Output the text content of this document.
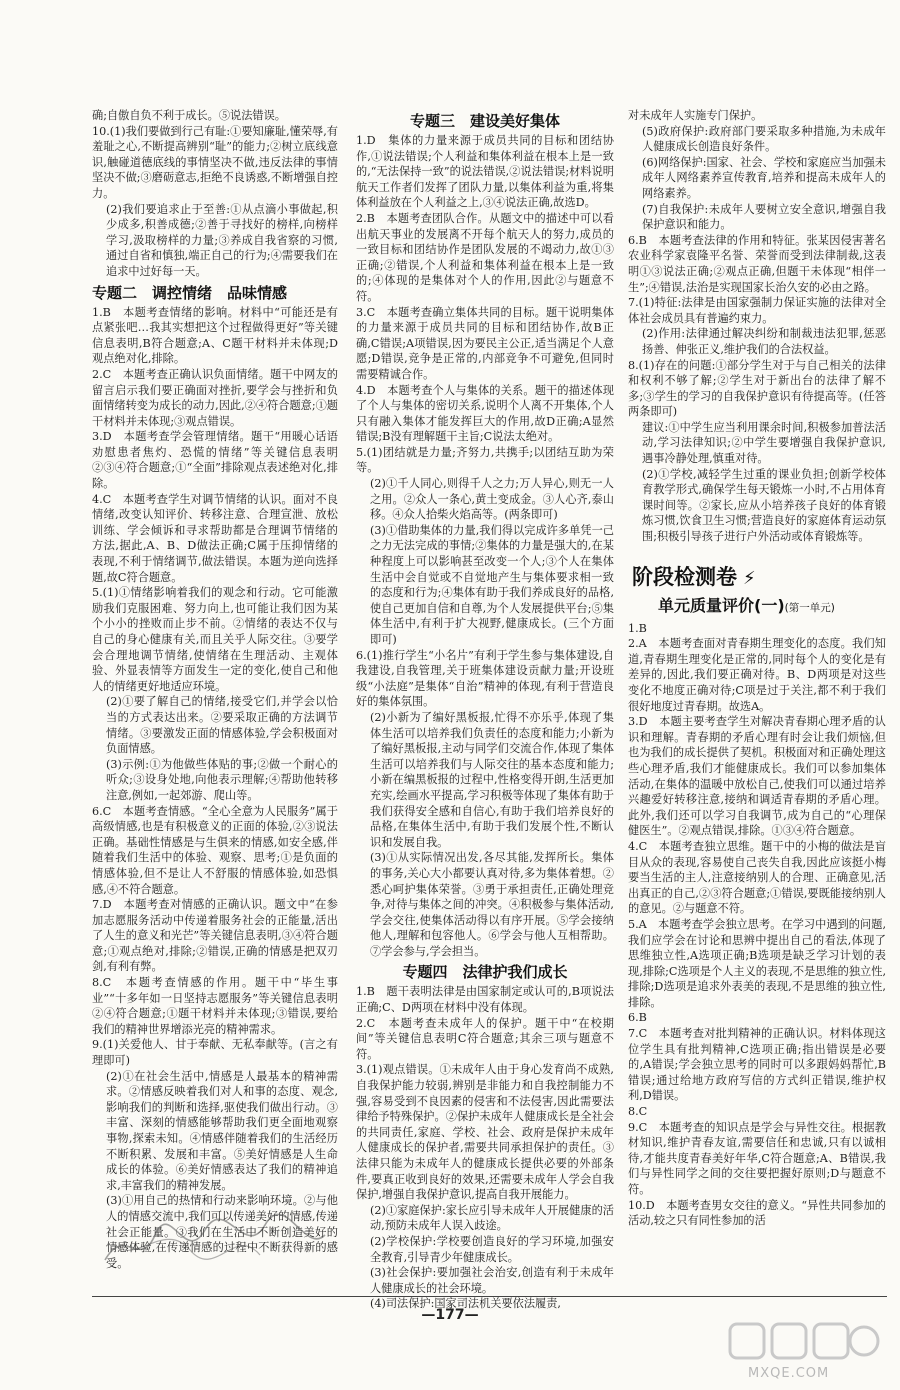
确;自傲自负不利于成长。⑤说法错误。

10.(1)我们要做到行己有耻:①要知廉耻,懂荣辱,有羞耻之心,不断提高辨别“耻”的能力;②树立底线意识,触碰道德底线的事情坚决不做,违反法律的事情坚决不做;③磨砺意志,拒绝不良诱惑,不断增强自控力。

(2)我们要追求止于至善:①从点滴小事做起,积少成多,积善成德;②善于寻找好的榜样,向榜样学习,汲取榜样的力量;③养成自我省察的习惯,通过自省和慎独,端正自己的行为;④需要我们在追求中过好每一天。

专题二　调控情绪　品味情感

1.B　本题考查情绪的影响。材料中“可能还是有点紧张吧…我其实想把这个过程做得更好”等关键信息表明,B符合题意;A、C题干材料并未体现;D观点绝对化,排除。

2.C　本题考查正确认识负面情绪。题干中网友的留言启示我们要正确面对挫折,要学会与挫折和负面情绪转变为成长的动力,因此,②④符合题意;①题干材料并未体现;③观点错误。

3.D　本题考查学会管理情绪。题干“用暖心话语劝慰患者焦灼、恐慌的情绪”等关键信息表明②③④符合题意;①“全面”排除观点表述绝对化,排除。

4.C　本题考查学生对调节情绪的认识。面对不良情绪,改变认知评价、转移注意、合理宣泄、放松训练、学会倾诉和寻求帮助都是合理调节情绪的方法,据此,A、B、D做法正确;C属于压抑情绪的表现,不利于情绪调节,做法错误。本题为逆向选择题,故C符合题意。

5.(1)①情绪影响着我们的观念和行动。它可能激励我们克服困难、努力向上,也可能让我们因为某个小小的挫败而止步不前。②情绪的表达不仅与自己的身心健康有关,而且关乎人际交往。③要学会合理地调节情绪,使情绪在生理活动、主观体验、外显表情等方面发生一定的变化,使自己和他人的情绪更好地适应环境。

(2)①要了解自己的情绪,接受它们,并学会以恰当的方式表达出来。②要采取正确的方法调节情绪。③要激发正面的情感体验,学会积极面对负面情感。

(3)示例:①为他做些体贴的事;②做一个耐心的听众;③设身处地,向他表示理解;④帮助他转移注意,例如,一起郊游、爬山等。

6.C　本题考查情感。“全心全意为人民服务”属于高级情感,也是有积极意义的正面的体验,②③说法正确。基础性情感是与生俱来的情感,如安全感,伴随着我们生活中的体验、观察、思考;①是负面的情感体验,但不是让人不舒服的情感体验,如恐惧感,④不符合题意。

7.D　本题考查对情感的正确认识。题文中“在参加志愿服务活动中传递着服务社会的正能量,活出了人生的意义和光芒”等关键信息表明,③④符合题意;①观点绝对,排除;②错误,正确的情感是把双刃剑,有利有弊。

8.C　本题考查情感的作用。题干中“毕生事业”“十多年如一日坚持志愿服务”等关键信息表明②④符合题意;①题干材料并未体现;③错误,要给我们的精神世界增添光亮的精神需求。

9.(1)关爱他人、甘于奉献、无私奉献等。(言之有理即可)

(2)①在社会生活中,情感是人最基本的精神需求。②情感反映着我们对人和事的态度、观念,影响我们的判断和选择,驱使我们做出行动。③丰富、深刻的情感能够帮助我们更全面地观察事物,探索未知。④情感伴随着我们的生活经历不断积累、发展和丰富。⑤美好情感是人生命成长的体验。⑥美好情感表达了我们的精神追求,丰富我们的精神发展。

(3)①用自己的热情和行动来影响环境。②与他人的情感交流中,我们可以传递美好的情感,传递社会正能量。③我们在生活中不断创造美好的情感体验,在传递情感的过程中不断获得新的感受。

专题三　建设美好集体

1.D　集体的力量来源于成员共同的目标和团结协作,①说法错误;个人利益和集体利益在根本上是一致的,“无法保持一致”的说法错误,②说法错误;材料说明航天工作者们发挥了团队力量,以集体利益为重,将集体利益放在个人利益之上,③④说法正确,故选D。

2.B　本题考查团队合作。从题文中的描述中可以看出航天事业的发展离不开每个航天人的努力,成员的一致目标和团结协作是团队发展的不竭动力,故①③正确;②错误,个人利益和集体利益在根本上是一致的;④体现的是集体对个人的作用,因此②与题意不符。

3.C　本题考查确立集体共同的目标。题干说明集体的力量来源于成员共同的目标和团结协作,故B正确,C错误;A项错误,因为要民主公正,适当满足个人意愿;D错误,竞争是正常的,内部竞争不可避免,但同时需要精诚合作。

4.D　本题考查个人与集体的关系。题干的描述体现了个人与集体的密切关系,说明个人离不开集体,个人只有融入集体才能发挥巨大的作用,故D正确;A显然错误;B没有理解题干主旨;C说法太绝对。

5.(1)团结就是力量;齐努力,共携手;以团结互助为荣等。

(2)①千人同心,则得千人之力;万人异心,则无一人之用。②众人一条心,黄土变成金。③人心齐,泰山移。④众人拾柴火焰高等。(两条即可)

(3)①借助集体的力量,我们得以完成许多单凭一己之力无法完成的事情;②集体的力量是强大的,在某种程度上可以影响甚至改变一个人;③个人在集体生活中会自觉或不自觉地产生与集体要求相一致的态度和行为;④集体有助于我们养成良好的品格,使自己更加自信和自尊,为个人发展提供平台;⑤集体生活中,有利于扩大视野,健康成长。(三个方面即可)

6.(1)推行学生“小名片”有利于学生参与集体建设,自我建设,自我管理,关于班集体建设贡献力量;开设班级“小法庭”是集体“自治”精神的体现,有利于营造良好的集体氛围。

(2)小新为了编好黑板报,忙得不亦乐乎,体现了集体生活可以培养我们负责任的态度和能力;小新为了编好黑板报,主动与同学们交流合作,体现了集体生活可以培养我们与人际交往的基本态度和能力;小新在编黑板报的过程中,性格变得开朗,生活更加充实,绘画水平提高,学习积极等体现了集体有助于我们获得安全感和自信心,有助于我们培养良好的品格,在集体生活中,有助于我们发展个性,不断认识和发展自我。

(3)①从实际情况出发,各尽其能,发挥所长。集体的事务,关心大小都要认真对待,多为集体着想。②悉心呵护集体荣誉。③勇于承担责任,正确处理竞争,对待与集体之间的冲突。④积极参与集体活动,学会交往,使集体活动得以有序开展。⑤学会接纳他人,理解和包容他人。⑥学会与他人互相帮助。⑦学会参与,学会担当。

专题四　法律护我们成长

1.B　题干表明法律是由国家制定或认可的,B项说法正确;C、D两项在材料中没有体现。

2.C　本题考查未成年人的保护。题干中“在校期间”等关键信息表明C符合题意;其余三项与题意不符。

3.(1)观点错误。①未成年人由于身心发育尚不成熟,自我保护能力较弱,辨别是非能力和自我控制能力不强,容易受到不良因素的侵害和不法侵害,因此需要法律给予特殊保护。②保护未成年人健康成长是全社会的共同责任,家庭、学校、社会、政府是保护未成年人健康成长的保护者,需要共同承担保护的责任。③法律只能为未成年人的健康成长提供必要的外部条件,要真正收到良好的效果,还需要未成年人学会自我保护,增强自我保护意识,提高自我开展能力。

(2)①家庭保护:家长应引导未成年人开展健康的活动,预防未成年人误入歧途。

(2)学校保护:学校要创造良好的学习环境,加强安全教育,引导青少年健康成长。

(3)社会保护:要加强社会治安,创造有利于未成年人健康成长的社会环境。

(4)司法保护:国家司法机关要依法履责,

对未成年人实施专门保护。

(5)政府保护:政府部门要采取多种措施,为未成年人健康成长创造良好条件。

(6)网络保护:国家、社会、学校和家庭应当加强未成年人网络素养宣传教育,培养和提高未成年人的网络素养。

(7)自我保护:未成年人要树立安全意识,增强自我保护意识和能力。

6.B　本题考查法律的作用和特征。张某因侵害著名农业科学家袁隆平名誉、荣誉而受到法律制裁,这表明①③说法正确;②观点正确,但题干未体现“相伴一生”;④错误,法治是实现国家长治久安的必由之路。

7.(1)特征:法律是由国家强制力保证实施的法律对全体社会成员具有普遍约束力。

(2)作用:法律通过解决纠纷和制裁违法犯罪,惩恶扬善、伸张正义,维护我们的合法权益。

8.(1)存在的问题:①部分学生对于与自己相关的法律和权利不够了解;②学生对于新出台的法律了解不多;③学生的学习的自我保护意识有待提高等。(任答两条即可)

建议:①中学生应当利用课余时间,积极参加普法活动,学习法律知识;②中学生要增强自我保护意识,遇事冷静处理,慎重对待。

(2)①学校,减轻学生过重的课业负担;创新学校体育教学形式,确保学生每天锻炼一小时,不占用体育课时间等。②家长,应从小培养孩子良好的体育锻炼习惯,饮食卫生习惯;营造良好的家庭体育运动氛围;积极引导孩子进行户外活动或体育锻炼等。

阶段检测卷 ⚡
单元质量评价(一)(第一单元)

1.B

2.A　本题考查面对青春期生理变化的态度。我们知道,青春期生理变化是正常的,同时每个人的变化是有差异的,因此,我们要正确对待。B、D两项是对这些变化不地度正确对待;C项是过于关注,都不利于我们很好地度过青春期。故选A。

3.D　本题主要考查学生对解决青春期心理矛盾的认识和理解。青春期的矛盾心理有时会让我们烦恼,但也为我们的成长提供了契机。积极面对和正确处理这些心理矛盾,我们才能健康成长。我们可以参加集体活动,在集体的温暖中放松自己,使我们可以通过培养兴趣爱好转移注意,接纳和调适青春期的矛盾心理。此外,我们还可以学习自我调节,成为自己的“心理保健医生”。②观点错误,排除。①③④符合题意。

4.C　本题考查独立思维。题干中的小梅的做法是盲目从众的表现,容易使自己丧失自我,因此应该挺小梅要当生活的主人,注意接纳别人的合理、正确意见,活出真正的自己,②③符合题意;①错误,要既能接纳别人的意见。②与题意不符。

5.A　本题考查学会独立思考。在学习中遇到的问题,我们应学会在讨论和思辨中提出自己的看法,体现了思维独立性,A选项正确;B选项是缺乏学习计划的表现,排除;C选项是个人主义的表现,不是思维的独立性,排除;D选项是追求外表美的表现,不是思维的独立性,排除。

6.B

7.C　本题考查对批判精神的正确认识。材料体现这位学生具有批判精神,C选项正确;指出错误是必要的,A错误;学会独立思考的同时可以多跟妈妈帮忙,B错误;通过给地方政府写信的方式纠正错误,维护权利,D错误。

8.C

9.C　本题考查的知识点是学会与异性交往。根据教材知识,维护青春友谊,需要信任和忠诚,只有以诚相待,才能共度青春美好年华,C符合题意;A、B错误,我们与异性同学之间的交往要把握好原则;D与题意不符。

10.D　本题考查男女交往的意义。“异性共同参加的活动,较之只有同性参加的活

—177—
MXQE.COM
